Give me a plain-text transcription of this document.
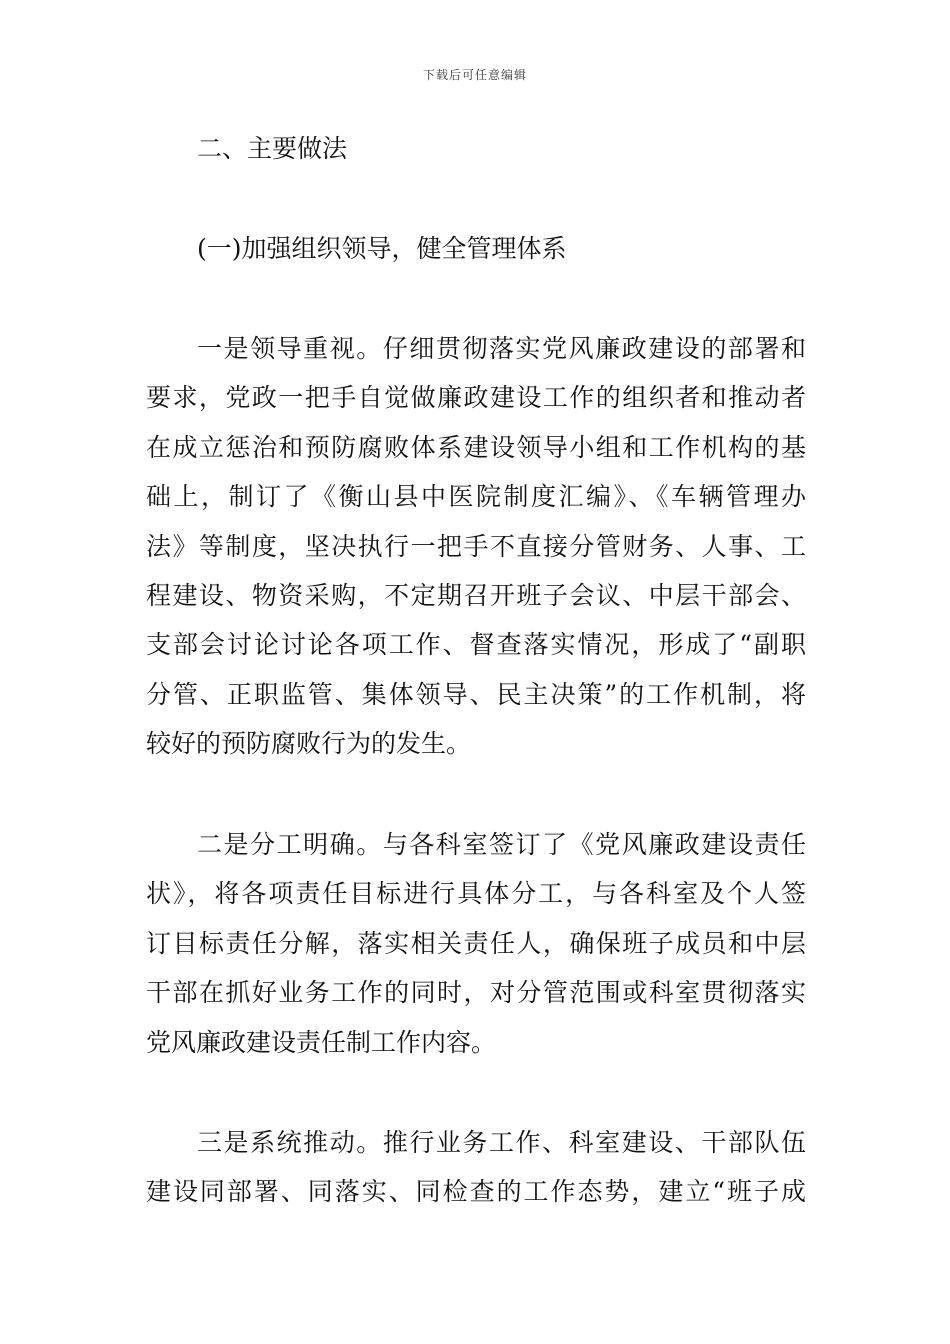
下载后可任意编辑
二、主要做法
(一)加强组织领导，健全管理体系
一是领导重视。仔细贯彻落实党风廉政建设的部署和
要求，党政一把手自觉做廉政建设工作的组织者和推动者
在成立惩治和预防腐败体系建设领导小组和工作机构的基
础上，制订了《衡山县中医院制度汇编》、《车辆管理办
法》等制度，坚决执行一把手不直接分管财务、人事、工
程建设、物资采购，不定期召开班子会议、中层干部会、
支部会讨论讨论各项工作、督查落实情况，形成了“副职
分管、正职监管、集体领导、民主决策”的工作机制，将
较好的预防腐败行为的发生。
二是分工明确。与各科室签订了《党风廉政建设责任
状》，将各项责任目标进行具体分工，与各科室及个人签
订目标责任分解，落实相关责任人，确保班子成员和中层
干部在抓好业务工作的同时，对分管范围或科室贯彻落实
党风廉政建设责任制工作内容。
三是系统推动。推行业务工作、科室建设、干部队伍
建设同部署、同落实、同检查的工作态势，建立“班子成
